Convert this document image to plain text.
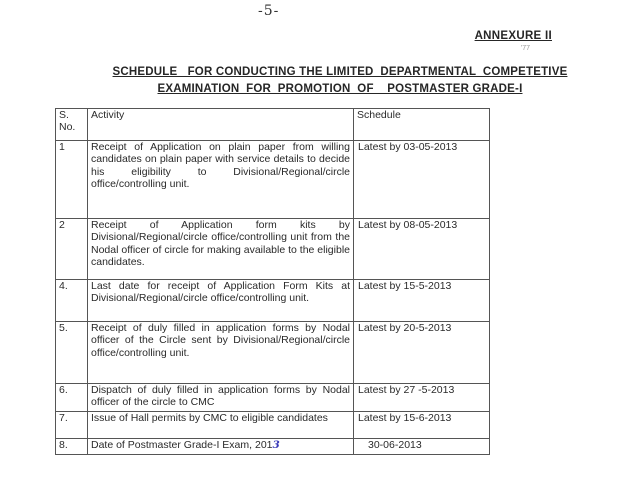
-5-
ANNEXURE II
'77
SCHEDULE   FOR CONDUCTING THE LIMITED  DEPARTMENTAL  COMPETETIVE
EXAMINATION  FOR  PROMOTION  OF    POSTMASTER GRADE-I
S. No.	Activity	Schedule
1	Receipt of Application on plain paper from willing candidates on plain paper with service details to decide his eligibility to Divisional/Regional/circle office/controlling unit.	Latest by 03-05-2013
2	Receipt of Application form kits by Divisional/Regional/circle office/controlling unit from the Nodal officer of circle for making available to the eligible candidates.	Latest by 08-05-2013
4.	Last date for receipt of Application Form Kits at Divisional/Regional/circle office/controlling unit.	Latest by 15-5-2013
5.	Receipt of duly filled in application forms by Nodal officer of the Circle sent by Divisional/Regional/circle office/controlling unit.	Latest by 20-5-2013
6.	Dispatch of duly filled in application forms by Nodal officer of the circle to CMC	Latest by 27 -5-2013
7.	Issue of Hall permits by CMC to eligible candidates	Latest by 15-6-2013
8.	Date of Postmaster Grade-I Exam, 2013	30-06-2013
